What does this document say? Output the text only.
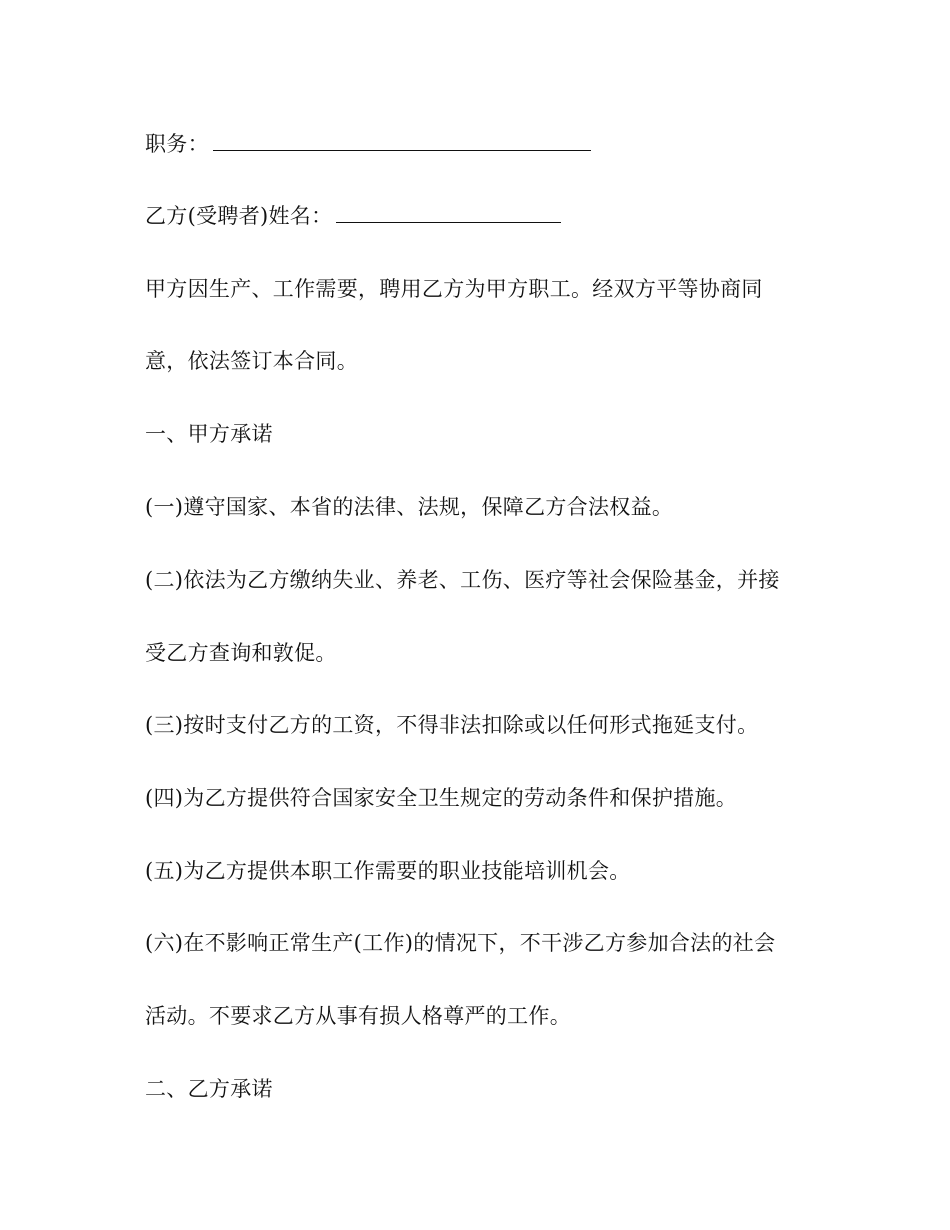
职务：
乙方(受聘者)姓名：
甲方因生产、工作需要，聘用乙方为甲方职工。经双方平等协商同
意，依法签订本合同。
一、甲方承诺
(一)遵守国家、本省的法律、法规，保障乙方合法权益。
(二)依法为乙方缴纳失业、养老、工伤、医疗等社会保险基金，并接
受乙方查询和敦促。
(三)按时支付乙方的工资，不得非法扣除或以任何形式拖延支付。
(四)为乙方提供符合国家安全卫生规定的劳动条件和保护措施。
(五)为乙方提供本职工作需要的职业技能培训机会。
(六)在不影响正常生产(工作)的情况下，不干涉乙方参加合法的社会
活动。不要求乙方从事有损人格尊严的工作。
二、乙方承诺
